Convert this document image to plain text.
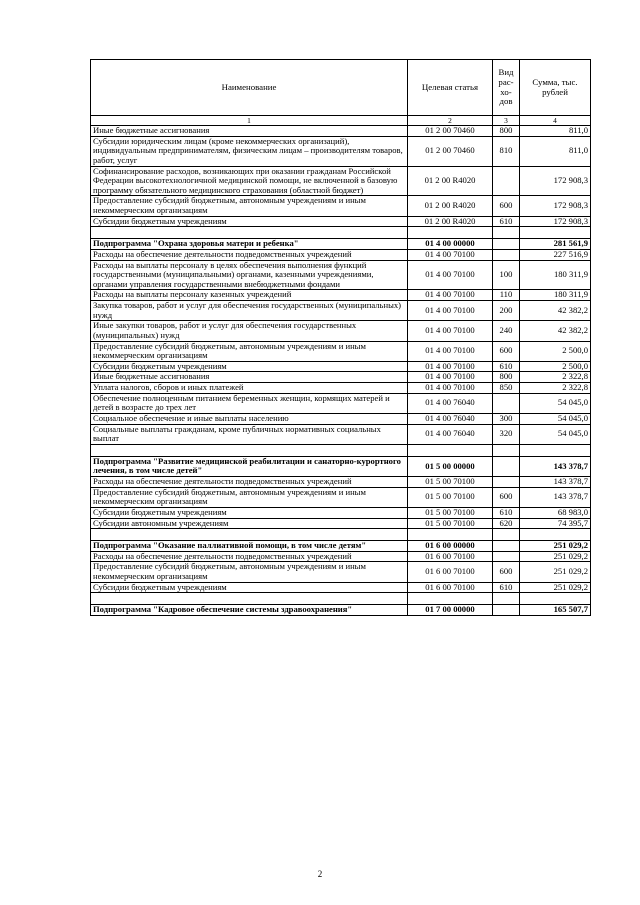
Наименование	Целевая статья	Вид рас- хо- дов	Сумма, тыс. рублей
1	2	3	4
Иные бюджетные ассигнования	01 2 00 70460	800	811,0
Субсидии юридическим лицам (кроме некоммерческих организаций), индивидуальным предпринимателям, физическим лицам – производителям товаров, работ, услуг	01 2 00 70460	810	811,0
Софинансирование расходов, возникающих при оказании гражданам Российской Федерации высокотехнологичной медицинской помощи, не включенной в базовую программу обязательного медицинского страхования (областной бюджет)	01 2 00 R4020		172 908,3
Предоставление субсидий бюджетным, автономным учреждениям и иным некоммерческим организациям	01 2 00 R4020	600	172 908,3
Субсидии бюджетным учреждениям	01 2 00 R4020	610	172 908,3

Подпрограмма "Охрана здоровья матери и ребенка"	01 4 00 00000		281 561,9
Расходы на обеспечение деятельности подведомственных учреждений	01 4 00 70100		227 516,9
Расходы на выплаты персоналу в целях обеспечения выполнения функций государственными (муниципальными) органами, казенными учреждениями, органами управления государственными внебюджетными фондами	01 4 00 70100	100	180 311,9
Расходы на выплаты персоналу казенных учреждений	01 4 00 70100	110	180 311,9
Закупка товаров, работ и услуг для обеспечения государственных (муниципальных) нужд	01 4 00 70100	200	42 382,2
Иные закупки товаров, работ и услуг для обеспечения государственных (муниципальных) нужд	01 4 00 70100	240	42 382,2
Предоставление субсидий бюджетным, автономным учреждениям и иным некоммерческим организациям	01 4 00 70100	600	2 500,0
Субсидии бюджетным учреждениям	01 4 00 70100	610	2 500,0
Иные бюджетные ассигнования	01 4 00 70100	800	2 322,8
Уплата налогов, сборов и иных платежей	01 4 00 70100	850	2 322,8
Обеспечение полноценным питанием беременных женщин, кормящих матерей и детей в возрасте до трех лет	01 4 00 76040		54 045,0
Социальное обеспечение и иные выплаты населению	01 4 00 76040	300	54 045,0
Социальные выплаты гражданам, кроме публичных нормативных социальных выплат	01 4 00 76040	320	54 045,0

Подпрограмма "Развитие медицинской реабилитации и санаторно-курортного лечения, в том числе детей"	01 5 00 00000		143 378,7
Расходы на обеспечение деятельности подведомственных учреждений	01 5 00 70100		143 378,7
Предоставление субсидий бюджетным, автономным учреждениям и иным некоммерческим организациям	01 5 00 70100	600	143 378,7
Субсидии бюджетным учреждениям	01 5 00 70100	610	68 983,0
Субсидии автономным учреждениям	01 5 00 70100	620	74 395,7

Подпрограмма "Оказание паллиативной помощи, в том числе детям"	01 6 00 00000		251 029,2
Расходы на обеспечение деятельности подведомственных учреждений	01 6 00 70100		251 029,2
Предоставление субсидий бюджетным, автономным учреждениям и иным некоммерческим организациям	01 6 00 70100	600	251 029,2
Субсидии бюджетным учреждениям	01 6 00 70100	610	251 029,2

Подпрограмма "Кадровое обеспечение системы здравоохранения"	01 7 00 00000		165 507,7
2
